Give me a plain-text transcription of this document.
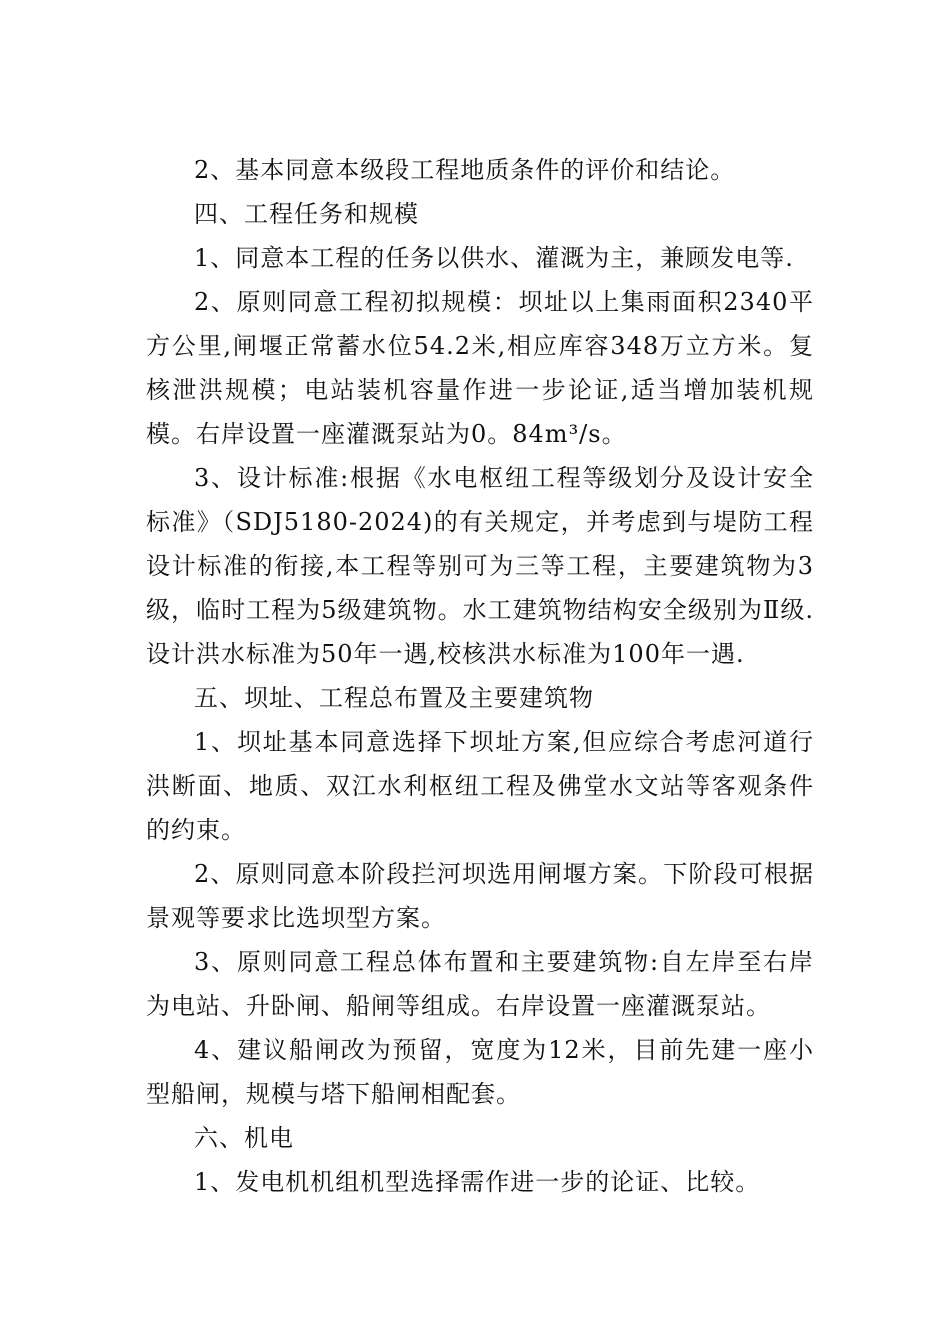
2、基本同意本级段工程地质条件的评价和结论。

四、工程任务和规模

1、同意本工程的任务以供水、灌溉为主，兼顾发电等.

2、原则同意工程初拟规模：坝址以上集雨面积2340平方公里,闸堰正常蓄水位54.2米,相应库容348万立方米。复核泄洪规模；电站装机容量作进一步论证,适当增加装机规模。右岸设置一座灌溉泵站为0。84m³/s。

3、设计标准:根据《水电枢纽工程等级划分及设计安全标准》（SDJ5180-2024)的有关规定，并考虑到与堤防工程设计标准的衔接,本工程等别可为三等工程，主要建筑物为3级，临时工程为5级建筑物。水工建筑物结构安全级别为Ⅱ级.设计洪水标准为50年一遇,校核洪水标准为100年一遇.

五、坝址、工程总布置及主要建筑物

1、坝址基本同意选择下坝址方案,但应综合考虑河道行洪断面、地质、双江水利枢纽工程及佛堂水文站等客观条件的约束。

2、原则同意本阶段拦河坝选用闸堰方案。下阶段可根据景观等要求比选坝型方案。

3、原则同意工程总体布置和主要建筑物:自左岸至右岸为电站、升卧闸、船闸等组成。右岸设置一座灌溉泵站。

4、建议船闸改为预留，宽度为12米，目前先建一座小型船闸，规模与塔下船闸相配套。

六、机电

1、发电机机组机型选择需作进一步的论证、比较。
